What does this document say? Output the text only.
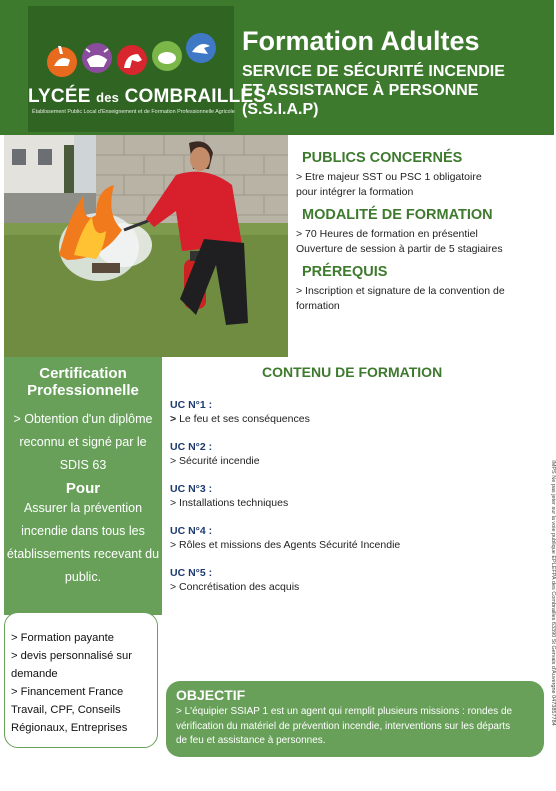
LYCÉE des COMBRAILLES
Établissement Public Local d'Enseignement et de Formation Professionnelle Agricole
Formation Adultes
SERVICE DE SÉCURITÉ INCENDIE
ET ASSISTANCE À PERSONNE
(S.S.I.A.P)
PUBLICS CONCERNÉS
> Etre majeur SST ou PSC 1 obligatoire
pour intégrer la formation
MODALITÉ DE FORMATION
> 70 Heures de formation en présentiel
Ouverture de session à partir de 5 stagiaires
PRÉREQUIS
> Inscription et signature de la convention de
formation
Certification
Professionnelle
> Obtention d'un diplôme
reconnu et signé par le
SDIS 63
Pour
Assurer la prévention
incendie dans tous les
établissements recevant du
public.
> Formation payante
> devis personnalisé sur
demande
> Financement France
Travail, CPF, Conseils
Régionaux, Entreprises
CONTENU DE FORMATION
UC N°1 :
> Le feu et ses conséquences
UC N°2 :
> Sécurité incendie
UC N°3 :
> Installations techniques
UC N°4 :
> Rôles et missions des Agents Sécurité Incendie
UC N°5 :
> Concrétisation des acquis
OBJECTIF
> L'équipier SSIAP 1 est un agent qui remplit plusieurs missions : rondes de
vérification du matériel de prévention incendie, interventions sur les départs
de feu et assistance à personnes.
IMPS Ne pas jeter sur la voie publique EPLEFPA des Combrailles 63390 St Gervais d'Auvergne 0473857784
